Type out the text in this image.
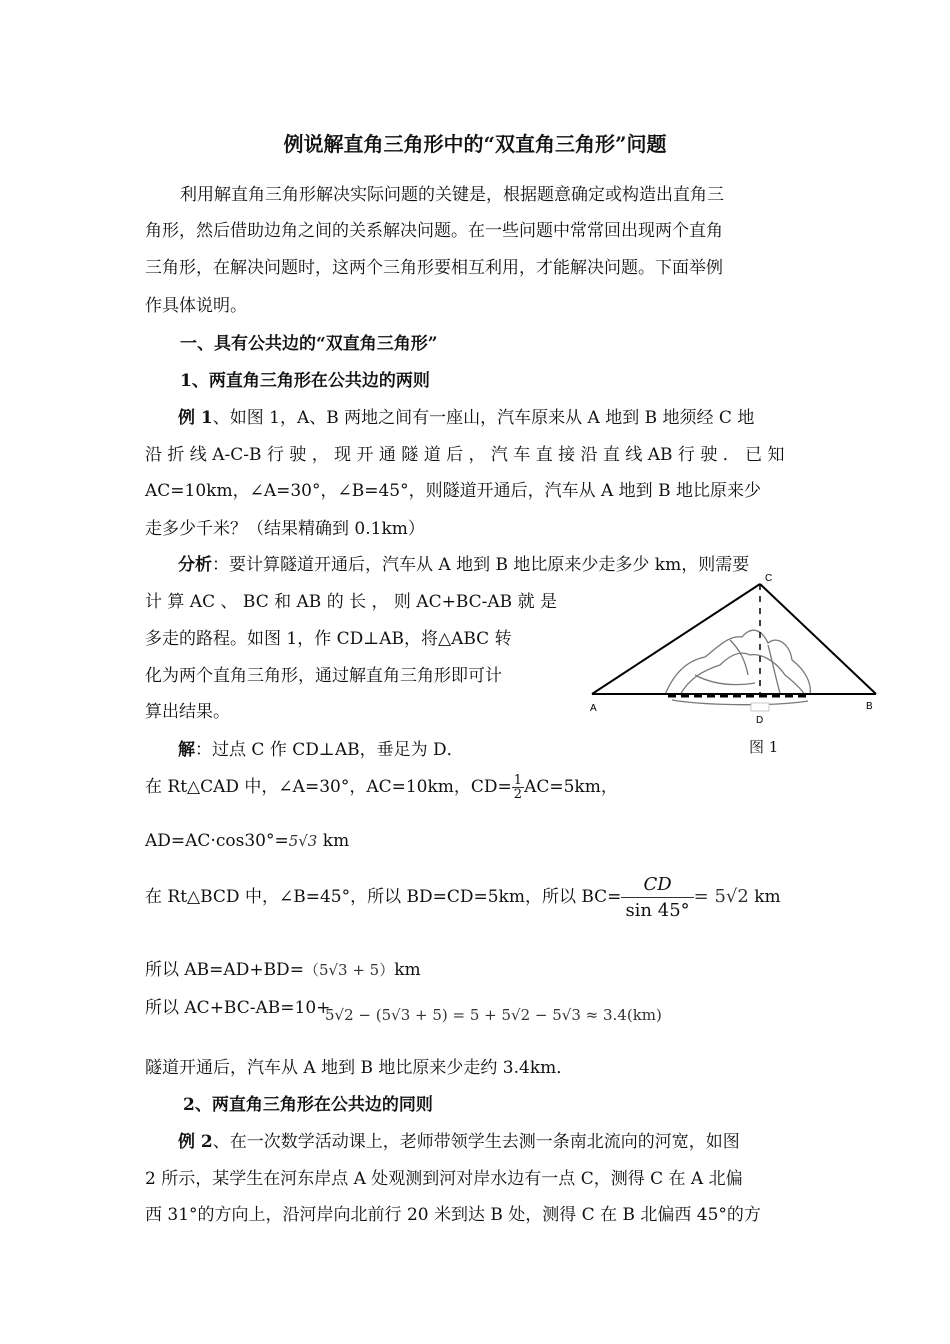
例说解直角三角形中的“双直角三角形”问题
利用解直角三角形解决实际问题的关键是，根据题意确定或构造出直角三
角形，然后借助边角之间的关系解决问题。在一些问题中常常回出现两个直角
三角形，在解决问题时，这两个三角形要相互利用，才能解决问题。下面举例
作具体说明。
一、具有公共边的“双直角三角形”
1、两直角三角形在公共边的两则
例 1、如图 1，A、B 两地之间有一座山，汽车原来从 A 地到 B 地须经 C 地
沿 折 线 A-C-B 行 驶 ， 现 开 通 隧 道 后 ， 汽 车 直 接 沿 直 线 AB 行 驶 ． 已 知
AC=10km，∠A=30°，∠B=45°，则隧道开通后，汽车从 A 地到 B 地比原来少
走多少千米？（结果精确到 0.1km）
分析：要计算隧道开通后，汽车从 A 地到 B 地比原来少走多少 km，则需要
计 算 AC 、 BC 和 AB 的 长 ， 则 AC+BC-AB 就 是
多走的路程。如图 1，作 CD⊥AB，将△ABC 转
化为两个直角三角形，通过解直角三角形即可计
算出结果。
C
A	B
D
图 1
解：过点 C 作 CD⊥AB，垂足为 D．
在 Rt△CAD 中，∠A=30°，AC=10km，$CD= \frac{1}{2} AC=5km$，
AD=AC·cos30°=5√3 km
在 Rt△BCD 中，∠B=45°，所以 BD=CD=5km，所以 $BC= \frac{CD}{\sin 45^\circ} = 5√2$ km
所以 AB=AD+BD=（5√3 + 5）km
所以 AC+BC-AB=10+
5√2 − (5√3 + 5) = 5 + 5√2 − 5√3 ≈ 3.4(km)
隧道开通后，汽车从 A 地到 B 地比原来少走约 3.4km．
2、两直角三角形在公共边的同则
例 2、在一次数学活动课上，老师带领学生去测一条南北流向的河宽，如图
2 所示，某学生在河东岸点 A 处观测到河对岸水边有一点 C，测得 C 在 A 北偏
西 31°的方向上，沿河岸向北前行 20 米到达 B 处，测得 C 在 B 北偏西 45°的方
